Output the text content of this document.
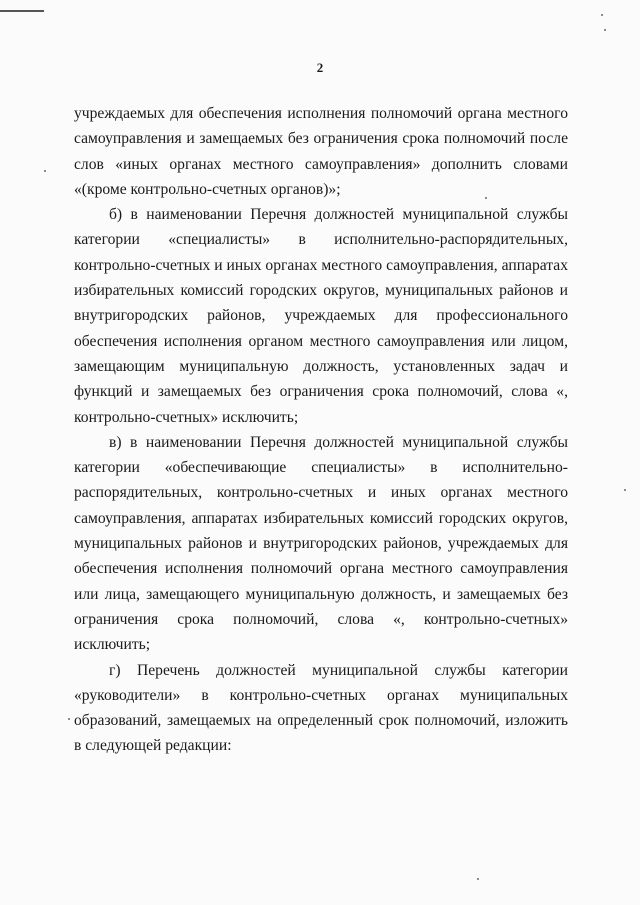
2

учреждаемых для обеспечения исполнения полномочий органа местного самоуправления и замещаемых без ограничения срока полномочий после слов «иных органах местного самоуправления» дополнить словами «(кроме контрольно-счетных органов)»;

б) в наименовании Перечня должностей муниципальной службы категории «специалисты» в исполнительно-распорядительных, контрольно-счетных и иных органах местного самоуправления, аппаратах избирательных комиссий городских округов, муниципальных районов и внутригородских районов, учреждаемых для профессионального обеспечения исполнения органом местного самоуправления или лицом, замещающим муниципальную должность, установленных задач и функций и замещаемых без ограничения срока полномочий, слова «, контрольно-счетных» исключить;

в) в наименовании Перечня должностей муниципальной службы категории «обеспечивающие специалисты» в исполнительно-распорядительных, контрольно-счетных и иных органах местного самоуправления, аппаратах избирательных комиссий городских округов, муниципальных районов и внутригородских районов, учреждаемых для обеспечения исполнения полномочий органа местного самоуправления или лица, замещающего муниципальную должность, и замещаемых без ограничения срока полномочий, слова «, контрольно-счетных» исключить;

г) Перечень должностей муниципальной службы категории «руководители» в контрольно-счетных органах муниципальных образований, замещаемых на определенный срок полномочий, изложить в следующей редакции:
